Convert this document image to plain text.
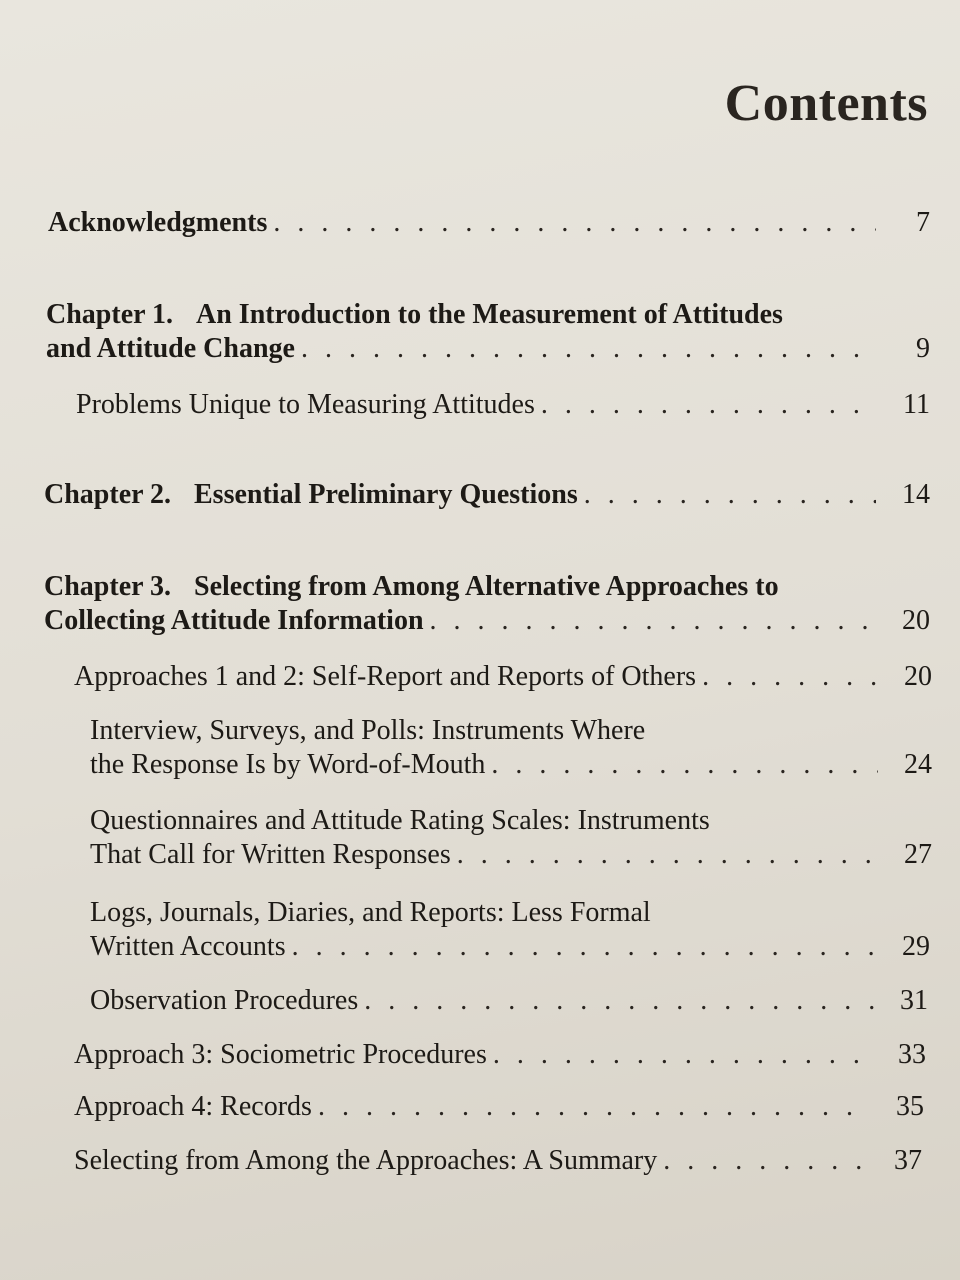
Contents
Acknowledgments . . .	7
Chapter 1. An Introduction to the Measurement of Attitudes
and Attitude Change . . .	9
Problems Unique to Measuring Attitudes . . .	11
Chapter 2. Essential Preliminary Questions . . .	14
Chapter 3. Selecting from Among Alternative Approaches to
Collecting Attitude Information . . .	20
Approaches 1 and 2: Self-Report and Reports of Others . . .	20
Interview, Surveys, and Polls: Instruments Where
the Response Is by Word-of-Mouth . . .	24
Questionnaires and Attitude Rating Scales: Instruments
That Call for Written Responses . . .	27
Logs, Journals, Diaries, and Reports: Less Formal
Written Accounts . . .	29
Observation Procedures . . .	31
Approach 3: Sociometric Procedures . . .	33
Approach 4: Records . . .	35
Selecting from Among the Approaches: A Summary . . .	37
